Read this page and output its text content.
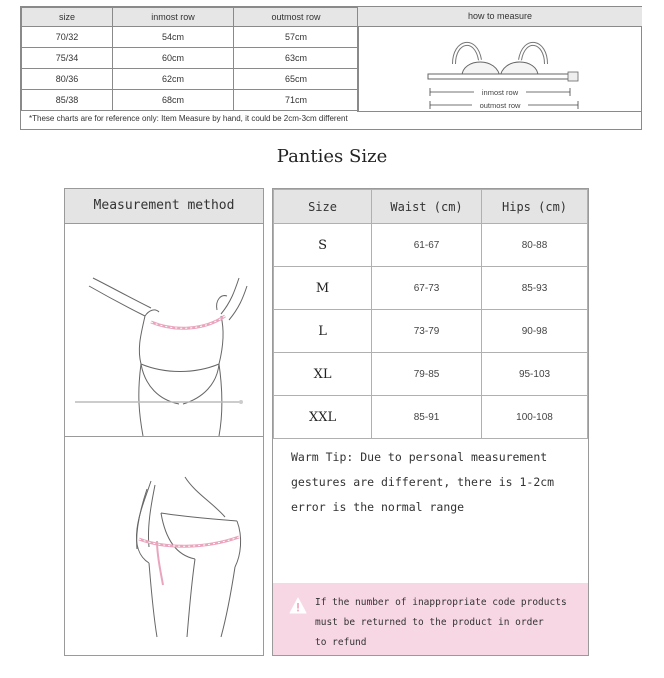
size	inmost row	outmost row
70/32	54cm	57cm
75/34	60cm	63cm
80/36	62cm	65cm
85/38	68cm	71cm
how to measure
inmost row
outmost row
*These charts are for reference only: Item Measure by hand, it could be 2cm-3cm different
Panties Size
Measurement method	Size	Waist (cm)	Hips (cm)
S	61-67	80-88
M	67-73	85-93
L	73-79	90-98
XL	79-85	95-103
XXL	85-91	100-108
Warm Tip: Due to personal measurement
gestures are different, there is 1-2cm
error is the normal range
If the number of inappropriate code products
must be returned to the product in order
to refund
